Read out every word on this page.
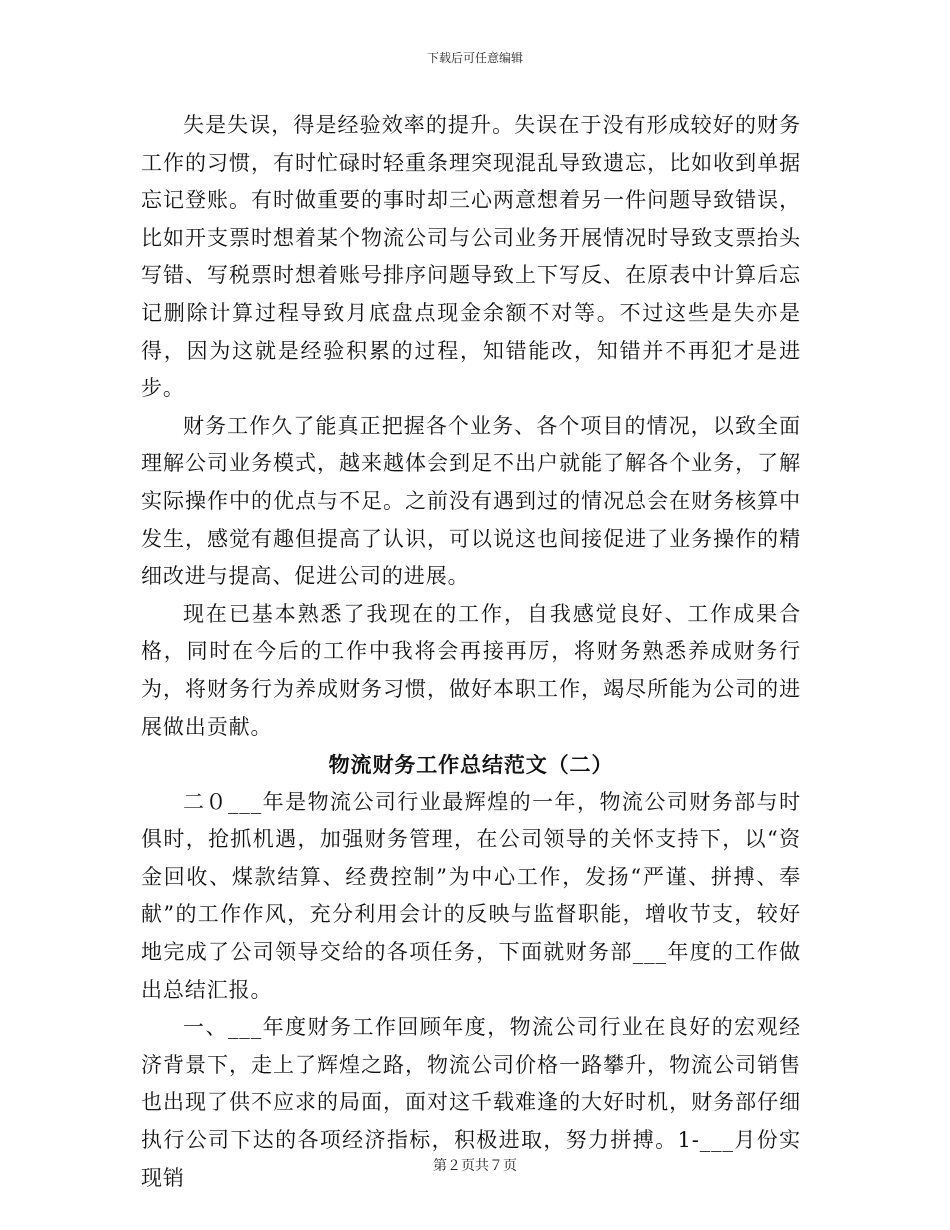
下载后可任意编辑

失是失误，得是经验效率的提升。失误在于没有形成较好的财务工作的习惯，有时忙碌时轻重条理突现混乱导致遗忘，比如收到单据忘记登账。有时做重要的事时却三心两意想着另一件问题导致错误，比如开支票时想着某个物流公司与公司业务开展情况时导致支票抬头写错、写税票时想着账号排序问题导致上下写反、在原表中计算后忘记删除计算过程导致月底盘点现金余额不对等。不过这些是失亦是得，因为这就是经验积累的过程，知错能改，知错并不再犯才是进步。

财务工作久了能真正把握各个业务、各个项目的情况，以致全面理解公司业务模式，越来越体会到足不出户就能了解各个业务，了解实际操作中的优点与不足。之前没有遇到过的情况总会在财务核算中发生，感觉有趣但提高了认识，可以说这也间接促进了业务操作的精细改进与提高、促进公司的进展。

现在已基本熟悉了我现在的工作，自我感觉良好、工作成果合格，同时在今后的工作中我将会再接再厉，将财务熟悉养成财务行为，将财务行为养成财务习惯，做好本职工作，竭尽所能为公司的进展做出贡献。

物流财务工作总结范文（二）

二０___年是物流公司行业最辉煌的一年，物流公司财务部与时俱时，抢抓机遇，加强财务管理，在公司领导的关怀支持下，以“资金回收、煤款结算、经费控制”为中心工作，发扬“严谨、拼搏、奉献”的工作作风，充分利用会计的反映与监督职能，增收节支，较好地完成了公司领导交给的各项任务，下面就财务部___年度的工作做出总结汇报。

一、___年度财务工作回顾年度，物流公司行业在良好的宏观经济背景下，走上了辉煌之路，物流公司价格一路攀升，物流公司销售也出现了供不应求的局面，面对这千载难逢的大好时机，财务部仔细执行公司下达的各项经济指标，积极进取，努力拼搏。1-___月份实现销	第２页共７页
